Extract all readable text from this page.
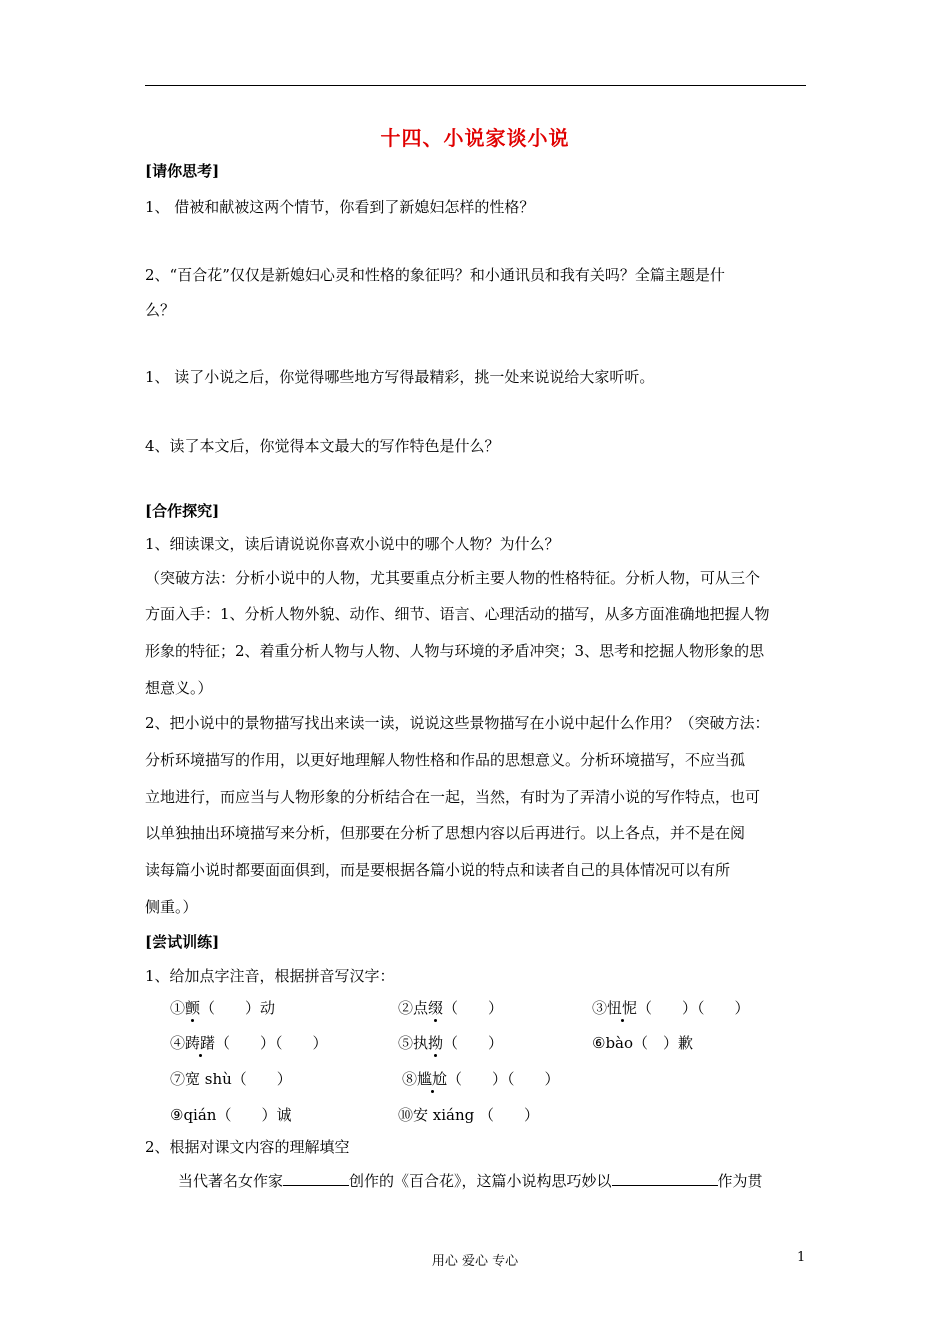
十四、小说家谈小说
[请你思考]
1、 借被和献被这两个情节，你看到了新媳妇怎样的性格？
2、“百合花”仅仅是新媳妇心灵和性格的象征吗？和小通讯员和我有关吗？全篇主题是什
么？
1、 读了小说之后，你觉得哪些地方写得最精彩，挑一处来说说给大家听听。
4、读了本文后，你觉得本文最大的写作特色是什么？
[合作探究]
1、细读课文，读后请说说你喜欢小说中的哪个人物？为什么？
（突破方法：分析小说中的人物，尤其要重点分析主要人物的性格特征。分析人物，可从三个
方面入手：1、分析人物外貌、动作、细节、语言、心理活动的描写，从多方面准确地把握人物
形象的特征；2、着重分析人物与人物、人物与环境的矛盾冲突；3、思考和挖掘人物形象的思
想意义。）
2、把小说中的景物描写找出来读一读，说说这些景物描写在小说中起什么作用？（突破方法：
分析环境描写的作用，以更好地理解人物性格和作品的思想意义。分析环境描写，不应当孤
立地进行，而应当与人物形象的分析结合在一起，当然，有时为了弄清小说的写作特点，也可
以单独抽出环境描写来分析，但那要在分析了思想内容以后再进行。以上各点，并不是在阅
读每篇小说时都要面面俱到，而是要根据各篇小说的特点和读者自己的具体情况可以有所
侧重。）
[尝试训练]
1、给加点字注音，根据拼音写汉字：
①颤（　　）动	②点缀（　　）	③忸怩（　　）（　　）
④踌躇（　　）（　　）	⑤执拗（　　）	⑥bào（　）歉
⑦宽 shù（　　）	⑧尴尬（　　）（　　）
⑨qián（　　）诚	⑩安 xiáng （　　）
2、根据对课文内容的理解填空
当代著名女作家	创作的《百合花》，这篇小说构思巧妙以	作为贯
用心 爱心 专心	1
